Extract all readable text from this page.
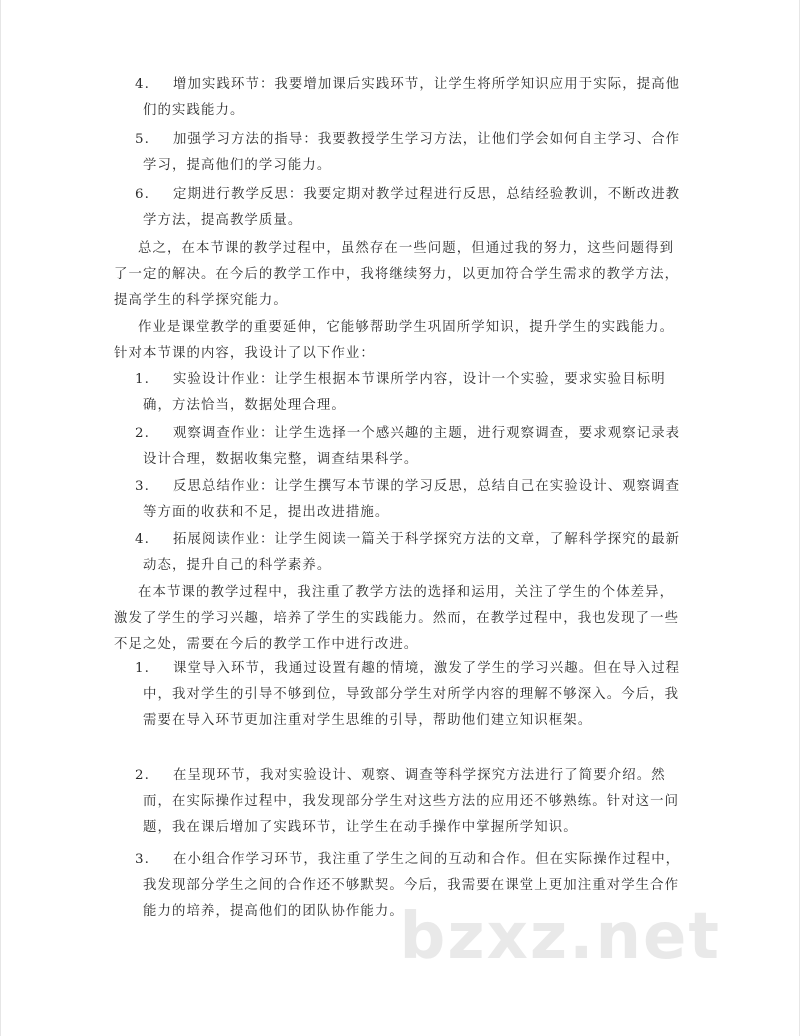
4. 增加实践环节：我要增加课后实践环节，让学生将所学知识应用于实际，提高他们的实践能力。
5. 加强学习方法的指导：我要教授学生学习方法，让他们学会如何自主学习、合作学习，提高他们的学习能力。
6. 定期进行教学反思：我要定期对教学过程进行反思，总结经验教训，不断改进教学方法，提高教学质量。
总之，在本节课的教学过程中，虽然存在一些问题，但通过我的努力，这些问题得到了一定的解决。在今后的教学工作中，我将继续努力，以更加符合学生需求的教学方法，提高学生的科学探究能力。
作业是课堂教学的重要延伸，它能够帮助学生巩固所学知识，提升学生的实践能力。针对本节课的内容，我设计了以下作业：
1. 实验设计作业：让学生根据本节课所学内容，设计一个实验，要求实验目标明确，方法恰当，数据处理合理。
2. 观察调查作业：让学生选择一个感兴趣的主题，进行观察调查，要求观察记录表设计合理，数据收集完整，调查结果科学。
3. 反思总结作业：让学生撰写本节课的学习反思，总结自己在实验设计、观察调查等方面的收获和不足，提出改进措施。
4. 拓展阅读作业：让学生阅读一篇关于科学探究方法的文章，了解科学探究的最新动态，提升自己的科学素养。
在本节课的教学过程中，我注重了教学方法的选择和运用，关注了学生的个体差异，激发了学生的学习兴趣，培养了学生的实践能力。然而，在教学过程中，我也发现了一些不足之处，需要在今后的教学工作中进行改进。
1. 课堂导入环节，我通过设置有趣的情境，激发了学生的学习兴趣。但在导入过程中，我对学生的引导不够到位，导致部分学生对所学内容的理解不够深入。今后，我需要在导入环节更加注重对学生思维的引导，帮助他们建立知识框架。
2. 在呈现环节，我对实验设计、观察、调查等科学探究方法进行了简要介绍。然而，在实际操作过程中，我发现部分学生对这些方法的应用还不够熟练。针对这一问题，我在课后增加了实践环节，让学生在动手操作中掌握所学知识。
3. 在小组合作学习环节，我注重了学生之间的互动和合作。但在实际操作过程中，我发现部分学生之间的合作还不够默契。今后，我需要在课堂上更加注重对学生合作能力的培养，提高他们的团队协作能力。
bzxz.net
